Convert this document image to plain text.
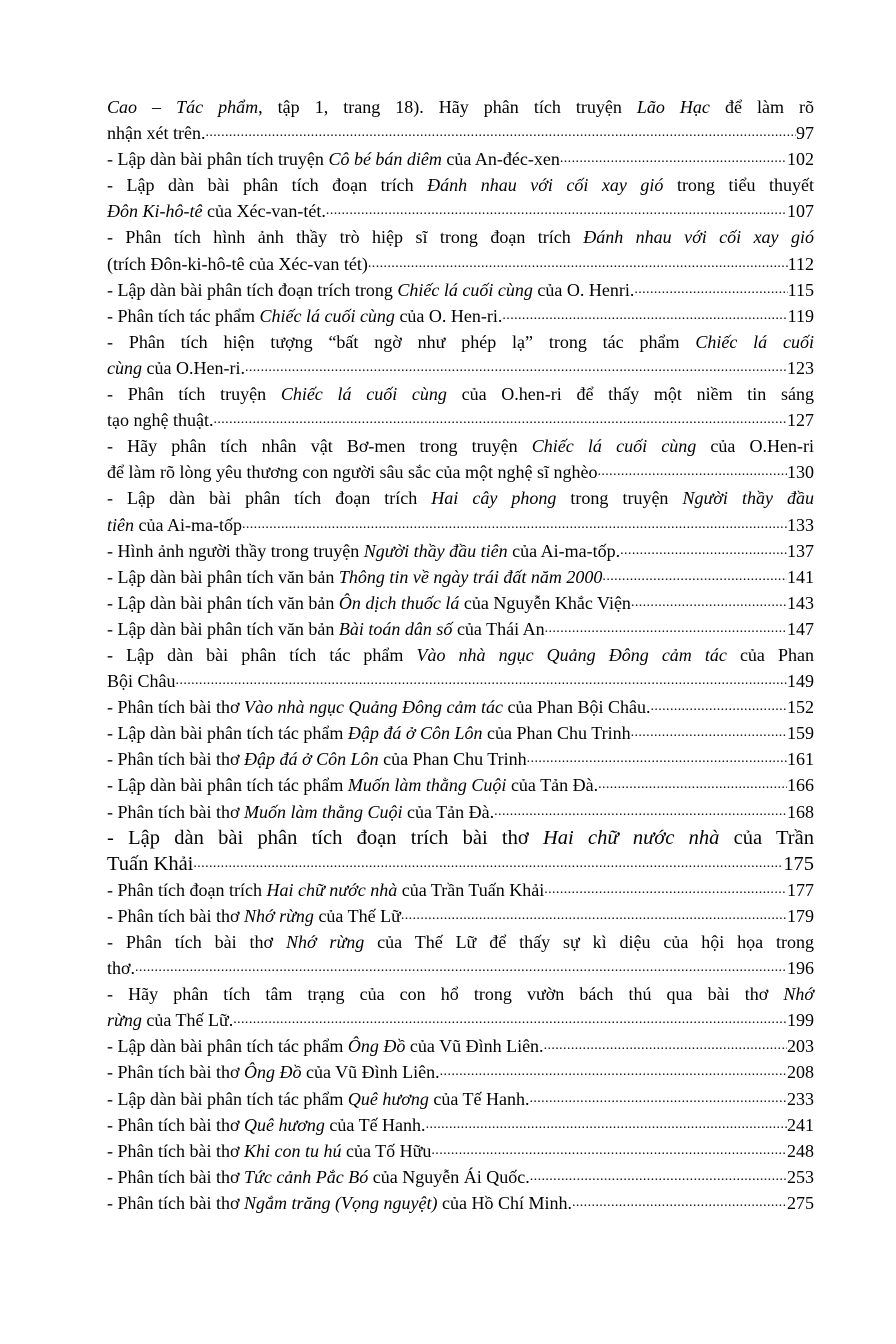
Cao – Tác phẩm, tập 1, trang 18). Hãy phân tích truyện Lão Hạc để làm rõ
nhận xét trên. .....	97
- Lập dàn bài phân tích truyện Cô bé bán diêm của An-đéc-xen .....	102
- Lập dàn bài phân tích đoạn trích Đánh nhau với cối xay gió trong tiểu thuyết
Đôn Ki-hô-tê của Xéc-van-tét. .....	107
- Phân tích hình ảnh thầy trò hiệp sĩ trong đoạn trích Đánh nhau với cối xay gió
(trích Đôn-ki-hô-tê của Xéc-van tét) .....	112
- Lập dàn bài phân tích đoạn trích trong Chiếc lá cuối cùng của O. Henri. .....	115
- Phân tích tác phẩm Chiếc lá cuối cùng của O. Hen-ri. .....	119
- Phân tích hiện tượng “bất ngờ như phép lạ” trong tác phẩm Chiếc lá cuối
cùng của O.Hen-ri. .....	123
- Phân tích truyện Chiếc lá cuối cùng của O.hen-ri để thấy một niềm tin sáng
tạo nghệ thuật. .....	127
- Hãy phân tích nhân vật Bơ-men trong truyện Chiếc lá cuối cùng của O.Hen-ri
để làm rõ lòng yêu thương con người sâu sắc của một nghệ sĩ nghèo .....	130
- Lập dàn bài phân tích đoạn trích Hai cây phong trong truyện Người thầy đầu
tiên của Ai-ma-tốp .....	133
- Hình ảnh người thầy trong truyện Người thầy đầu tiên của Ai-ma-tốp. .....	137
- Lập dàn bài phân tích văn bản Thông tin về ngày trái đất năm 2000 .....	141
- Lập dàn bài phân tích văn bản Ôn dịch thuốc lá của Nguyễn Khắc Viện .....	143
- Lập dàn bài phân tích văn bản Bài toán dân số của Thái An .....	147
- Lập dàn bài phân tích tác phẩm Vào nhà ngục Quảng Đông cảm tác của Phan
Bội Châu .....	149
- Phân tích bài thơ Vào nhà ngục Quảng Đông cảm tác của Phan Bội Châu. .....	152
- Lập dàn bài phân tích tác phẩm Đập đá ở Côn Lôn của Phan Chu Trinh .....	159
- Phân tích bài thơ Đập đá ở Côn Lôn của Phan Chu Trinh .....	161
- Lập dàn bài phân tích tác phẩm Muốn làm thằng Cuội của Tản Đà. .....	166
- Phân tích bài thơ Muốn làm thằng Cuội của Tản Đà. .....	168
- Lập dàn bài phân tích đoạn trích bài thơ Hai chữ nước nhà của Trần
Tuấn Khải .....	175
- Phân tích đoạn trích Hai chữ nước nhà của Trần Tuấn Khải .....	177
- Phân tích bài thơ Nhớ rừng của Thế Lữ .....	179
- Phân tích bài thơ Nhớ rừng của Thế Lữ để thấy sự kì diệu của hội họa trong
thơ. .....	196
- Hãy phân tích tâm trạng của con hổ trong vườn bách thú qua bài thơ Nhớ
rừng của Thế Lữ. .....	199
- Lập dàn bài phân tích tác phẩm Ông Đồ của Vũ Đình Liên. .....	203
- Phân tích bài thơ Ông Đồ của Vũ Đình Liên. .....	208
- Lập dàn bài phân tích tác phẩm Quê hương của Tế Hanh. .....	233
- Phân tích bài thơ Quê hương của Tế Hanh. .....	241
- Phân tích bài thơ Khi con tu hú của Tố Hữu .....	248
- Phân tích bài thơ Tức cảnh Pắc Bó của Nguyễn Ái Quốc. .....	253
- Phân tích bài thơ Ngắm trăng (Vọng nguyệt) của Hồ Chí Minh. .....	275
